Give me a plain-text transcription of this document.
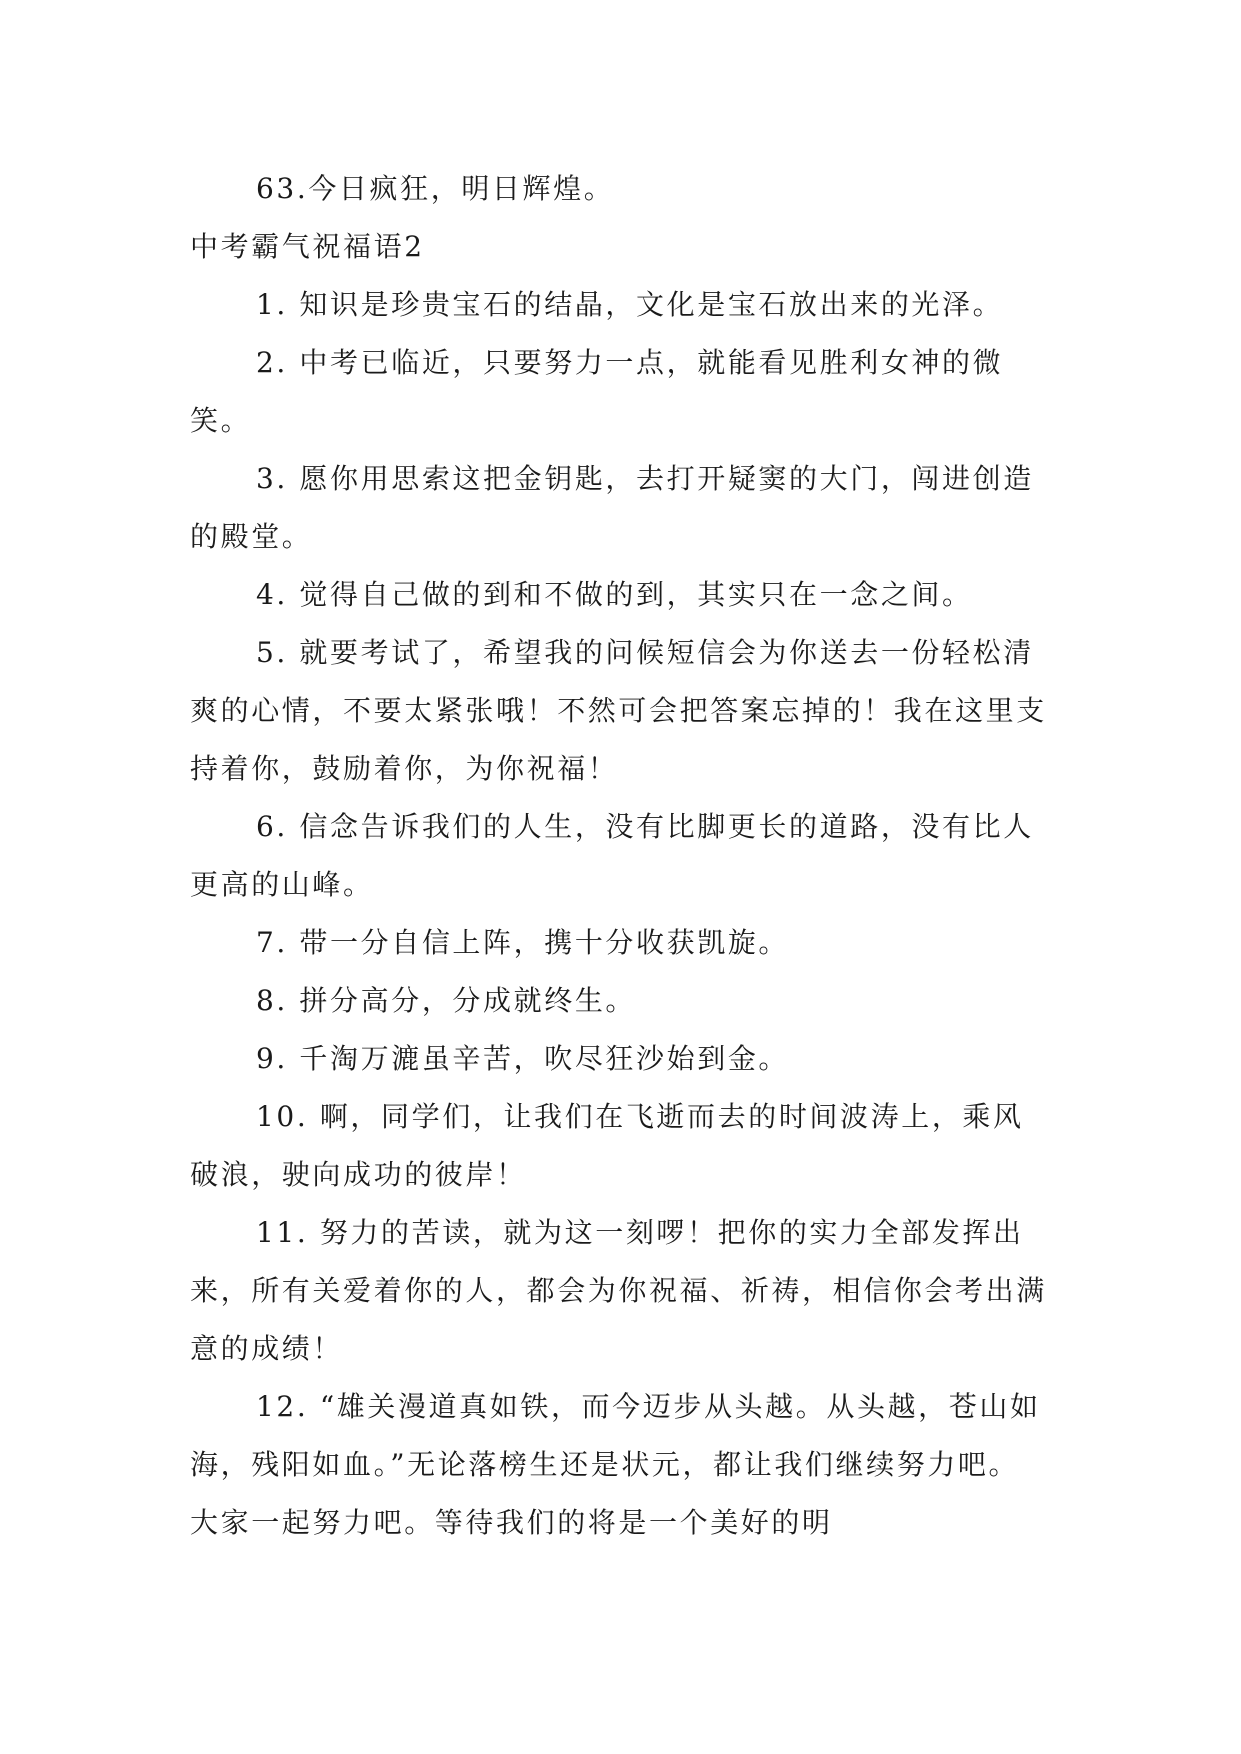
63.今日疯狂，明日辉煌。

中考霸气祝福语2

1. 知识是珍贵宝石的结晶，文化是宝石放出来的光泽。

2. 中考已临近，只要努力一点，就能看见胜利女神的微笑。

3. 愿你用思索这把金钥匙，去打开疑窦的大门，闯进创造的殿堂。

4. 觉得自己做的到和不做的到，其实只在一念之间。

5. 就要考试了，希望我的问候短信会为你送去一份轻松清爽的心情，不要太紧张哦！不然可会把答案忘掉的！我在这里支持着你，鼓励着你，为你祝福！

6. 信念告诉我们的人生，没有比脚更长的道路，没有比人更高的山峰。

7. 带一分自信上阵，携十分收获凯旋。

8. 拼分高分，分成就终生。

9. 千淘万漉虽辛苦，吹尽狂沙始到金。

10. 啊，同学们，让我们在飞逝而去的时间波涛上，乘风破浪，驶向成功的彼岸！

11. 努力的苦读，就为这一刻啰！把你的实力全部发挥出来，所有关爱着你的人，都会为你祝福、祈祷，相信你会考出满意的成绩！

12. “雄关漫道真如铁，而今迈步从头越。从头越，苍山如海，残阳如血。”无论落榜生还是状元，都让我们继续努力吧。 大家一起努力吧。等待我们的将是一个美好的明
